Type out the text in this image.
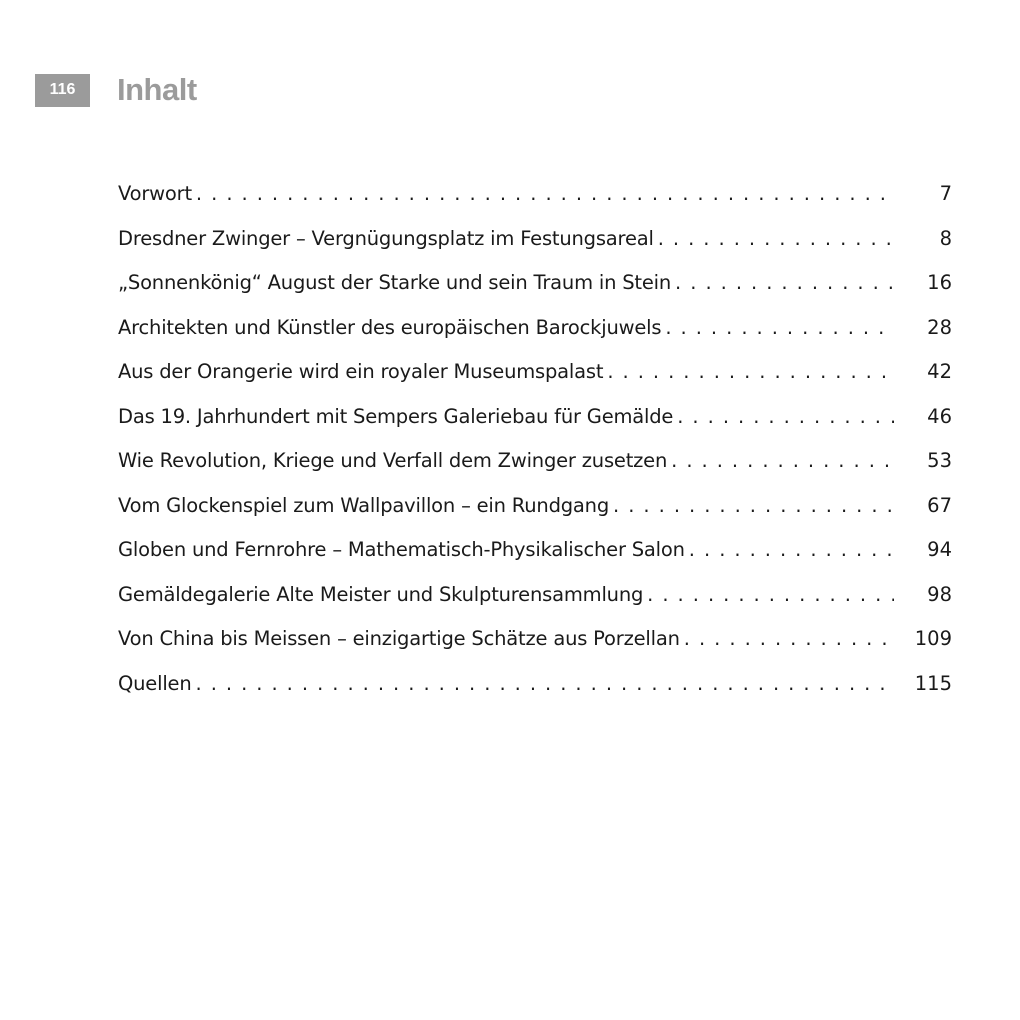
116	Inhalt
Vorwort . . .	7
Dresdner Zwinger – Vergnügungsplatz im Festungsareal . . .	8
„Sonnenkönig“ August der Starke und sein Traum in Stein . . .	16
Architekten und Künstler des europäischen Barockjuwels . . .	28
Aus der Orangerie wird ein royaler Museumspalast . . .	42
Das 19. Jahrhundert mit Sempers Galeriebau für Gemälde . . .	46
Wie Revolution, Kriege und Verfall dem Zwinger zusetzen . . .	53
Vom Glockenspiel zum Wallpavillon – ein Rundgang . . .	67
Globen und Fernrohre – Mathematisch-Physikalischer Salon . . .	94
Gemäldegalerie Alte Meister und Skulpturensammlung . . .	98
Von China bis Meissen – einzigartige Schätze aus Porzellan . . .	109
Quellen . . .	115
